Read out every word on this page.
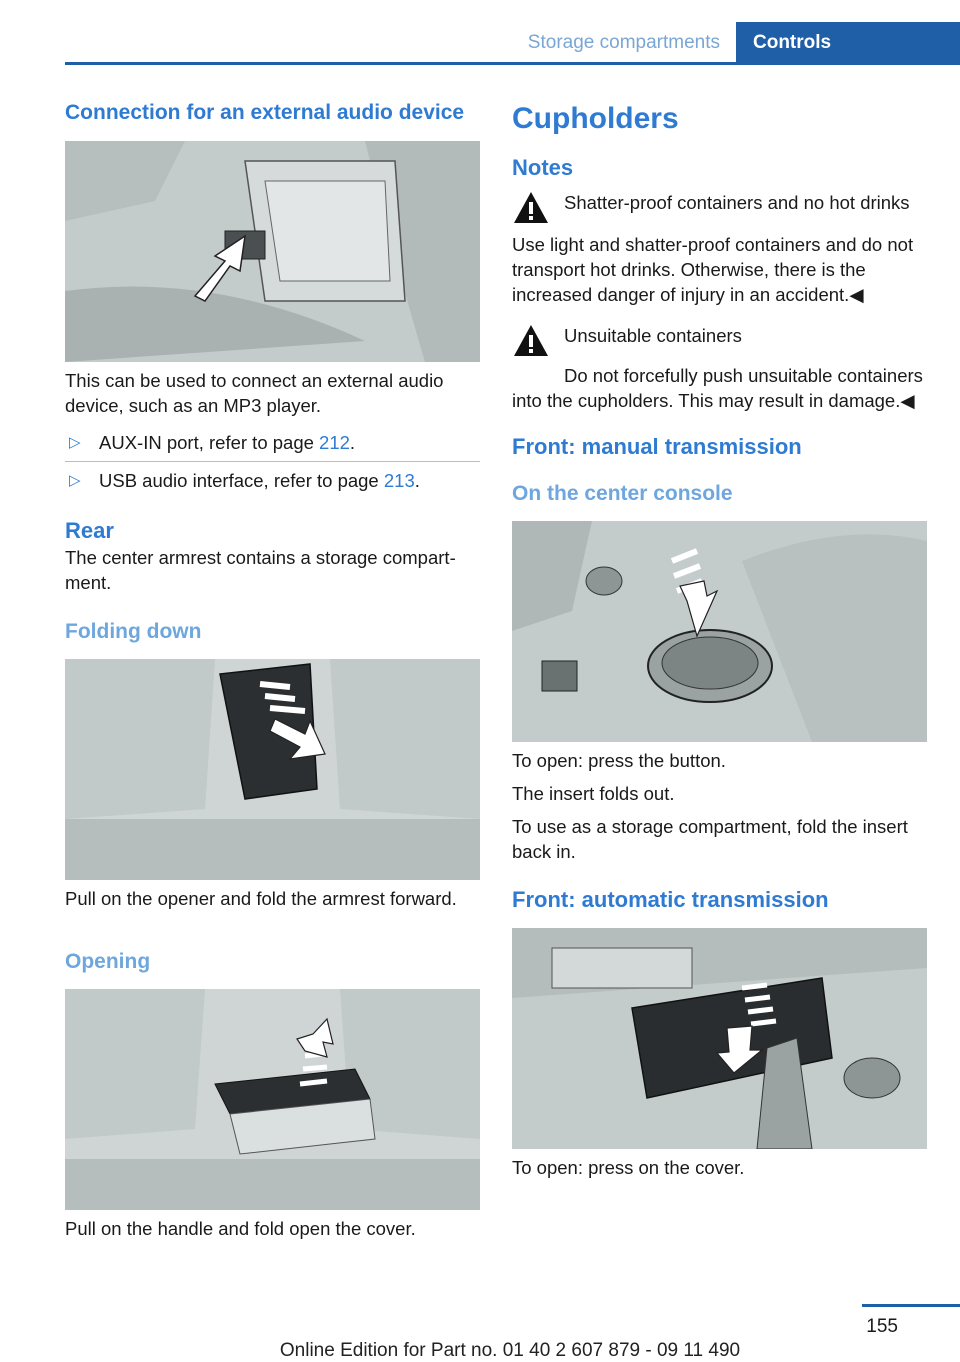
Storage compartments	Controls
Connection for an external audio device

This can be used to connect an external audio device, such as an MP3 player.

▷ AUX-IN port, refer to page 212.
▷ USB audio interface, refer to page 213.
Rear

The center armrest contains a storage compartment.

Folding down

Pull on the opener and fold the armrest forward.

Opening

Pull on the handle and fold open the cover.

Cupholders
Notes

Shatter-proof containers and no hot drinks

Use light and shatter-proof containers and do not transport hot drinks. Otherwise, there is the increased danger of injury in an accident.◀

Unsuitable containers

Do not forcefully push unsuitable containers into the cupholders. This may result in damage.◀

Front: manual transmission
On the center console

To open: press the button.

The insert folds out.

To use as a storage compartment, fold the insert back in.

Front: automatic transmission

To open: press on the cover.

155
Online Edition for Part no. 01 40 2 607 879 - 09 11 490
